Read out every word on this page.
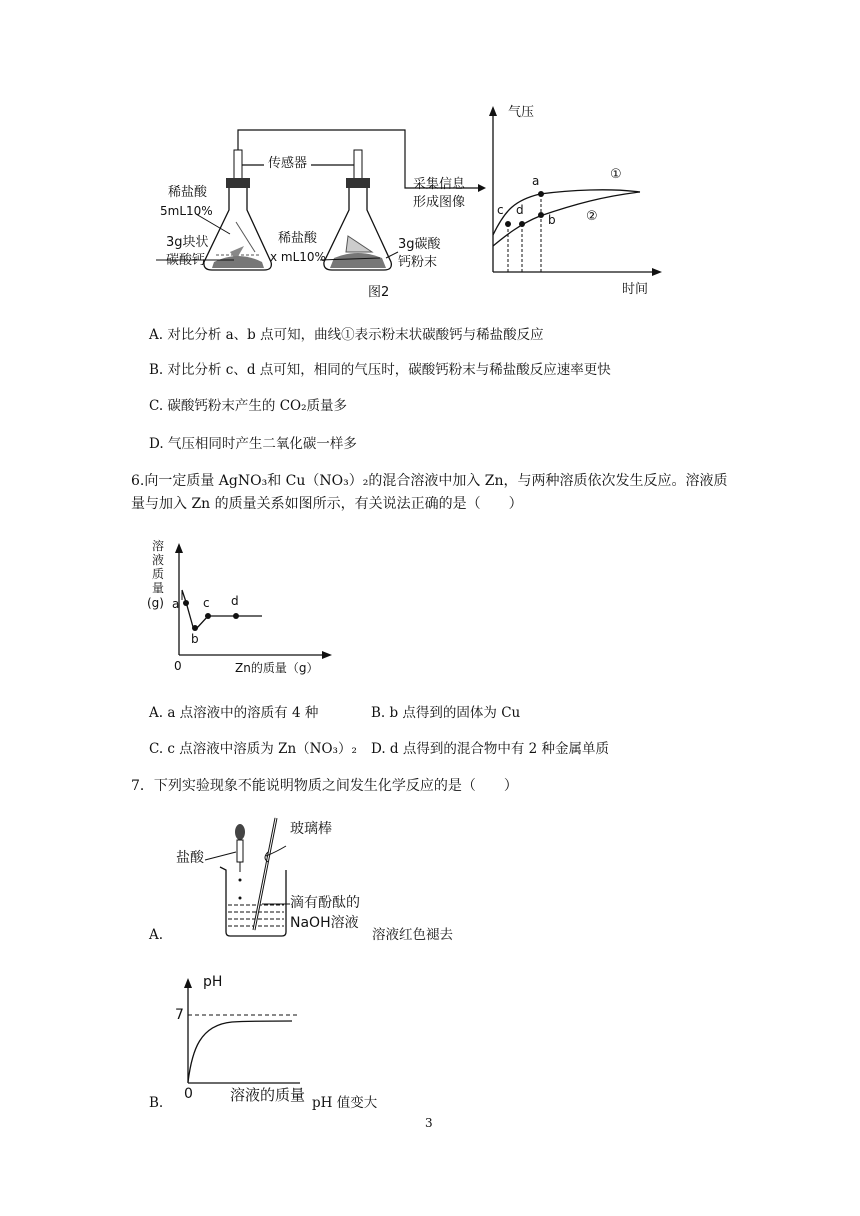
传感器
稀盐酸
5mL10%
3g块状
碳酸钙
稀盐酸
x mL10%
3g碳酸
钙粉末
采集信息
形成图像
气压
时间
图2
①
②
a
b
c d
A. 对比分析 a、b 点可知，曲线①表示粉末状碳酸钙与稀盐酸反应
B. 对比分析 c、d 点可知，相同的气压时，碳酸钙粉末与稀盐酸反应速率更快
C. 碳酸钙粉末产生的 CO₂质量多
D. 气压相同时产生二氧化碳一样多
6.向一定质量 AgNO₃和 Cu（NO₃）₂的混合溶液中加入 Zn，与两种溶质依次发生反应。溶液质
量与加入 Zn 的质量关系如图所示，有关说法正确的是（　　）
溶
液
质
量
(g) a
b
c d
0	Zn的质量（g）
A. a 点溶液中的溶质有 4 种	B. b 点得到的固体为 Cu
C. c 点溶液中溶质为 Zn（NO₃）₂ D. d 点得到的混合物中有 2 种金属单质
7．下列实验现象不能说明物质之间发生化学反应的是（　　）
盐酸
玻璃棒
滴有酚酞的
NaOH溶液
A.	溶液红色褪去
pH
7
0 溶液的质量
B.	pH 值变大
3
